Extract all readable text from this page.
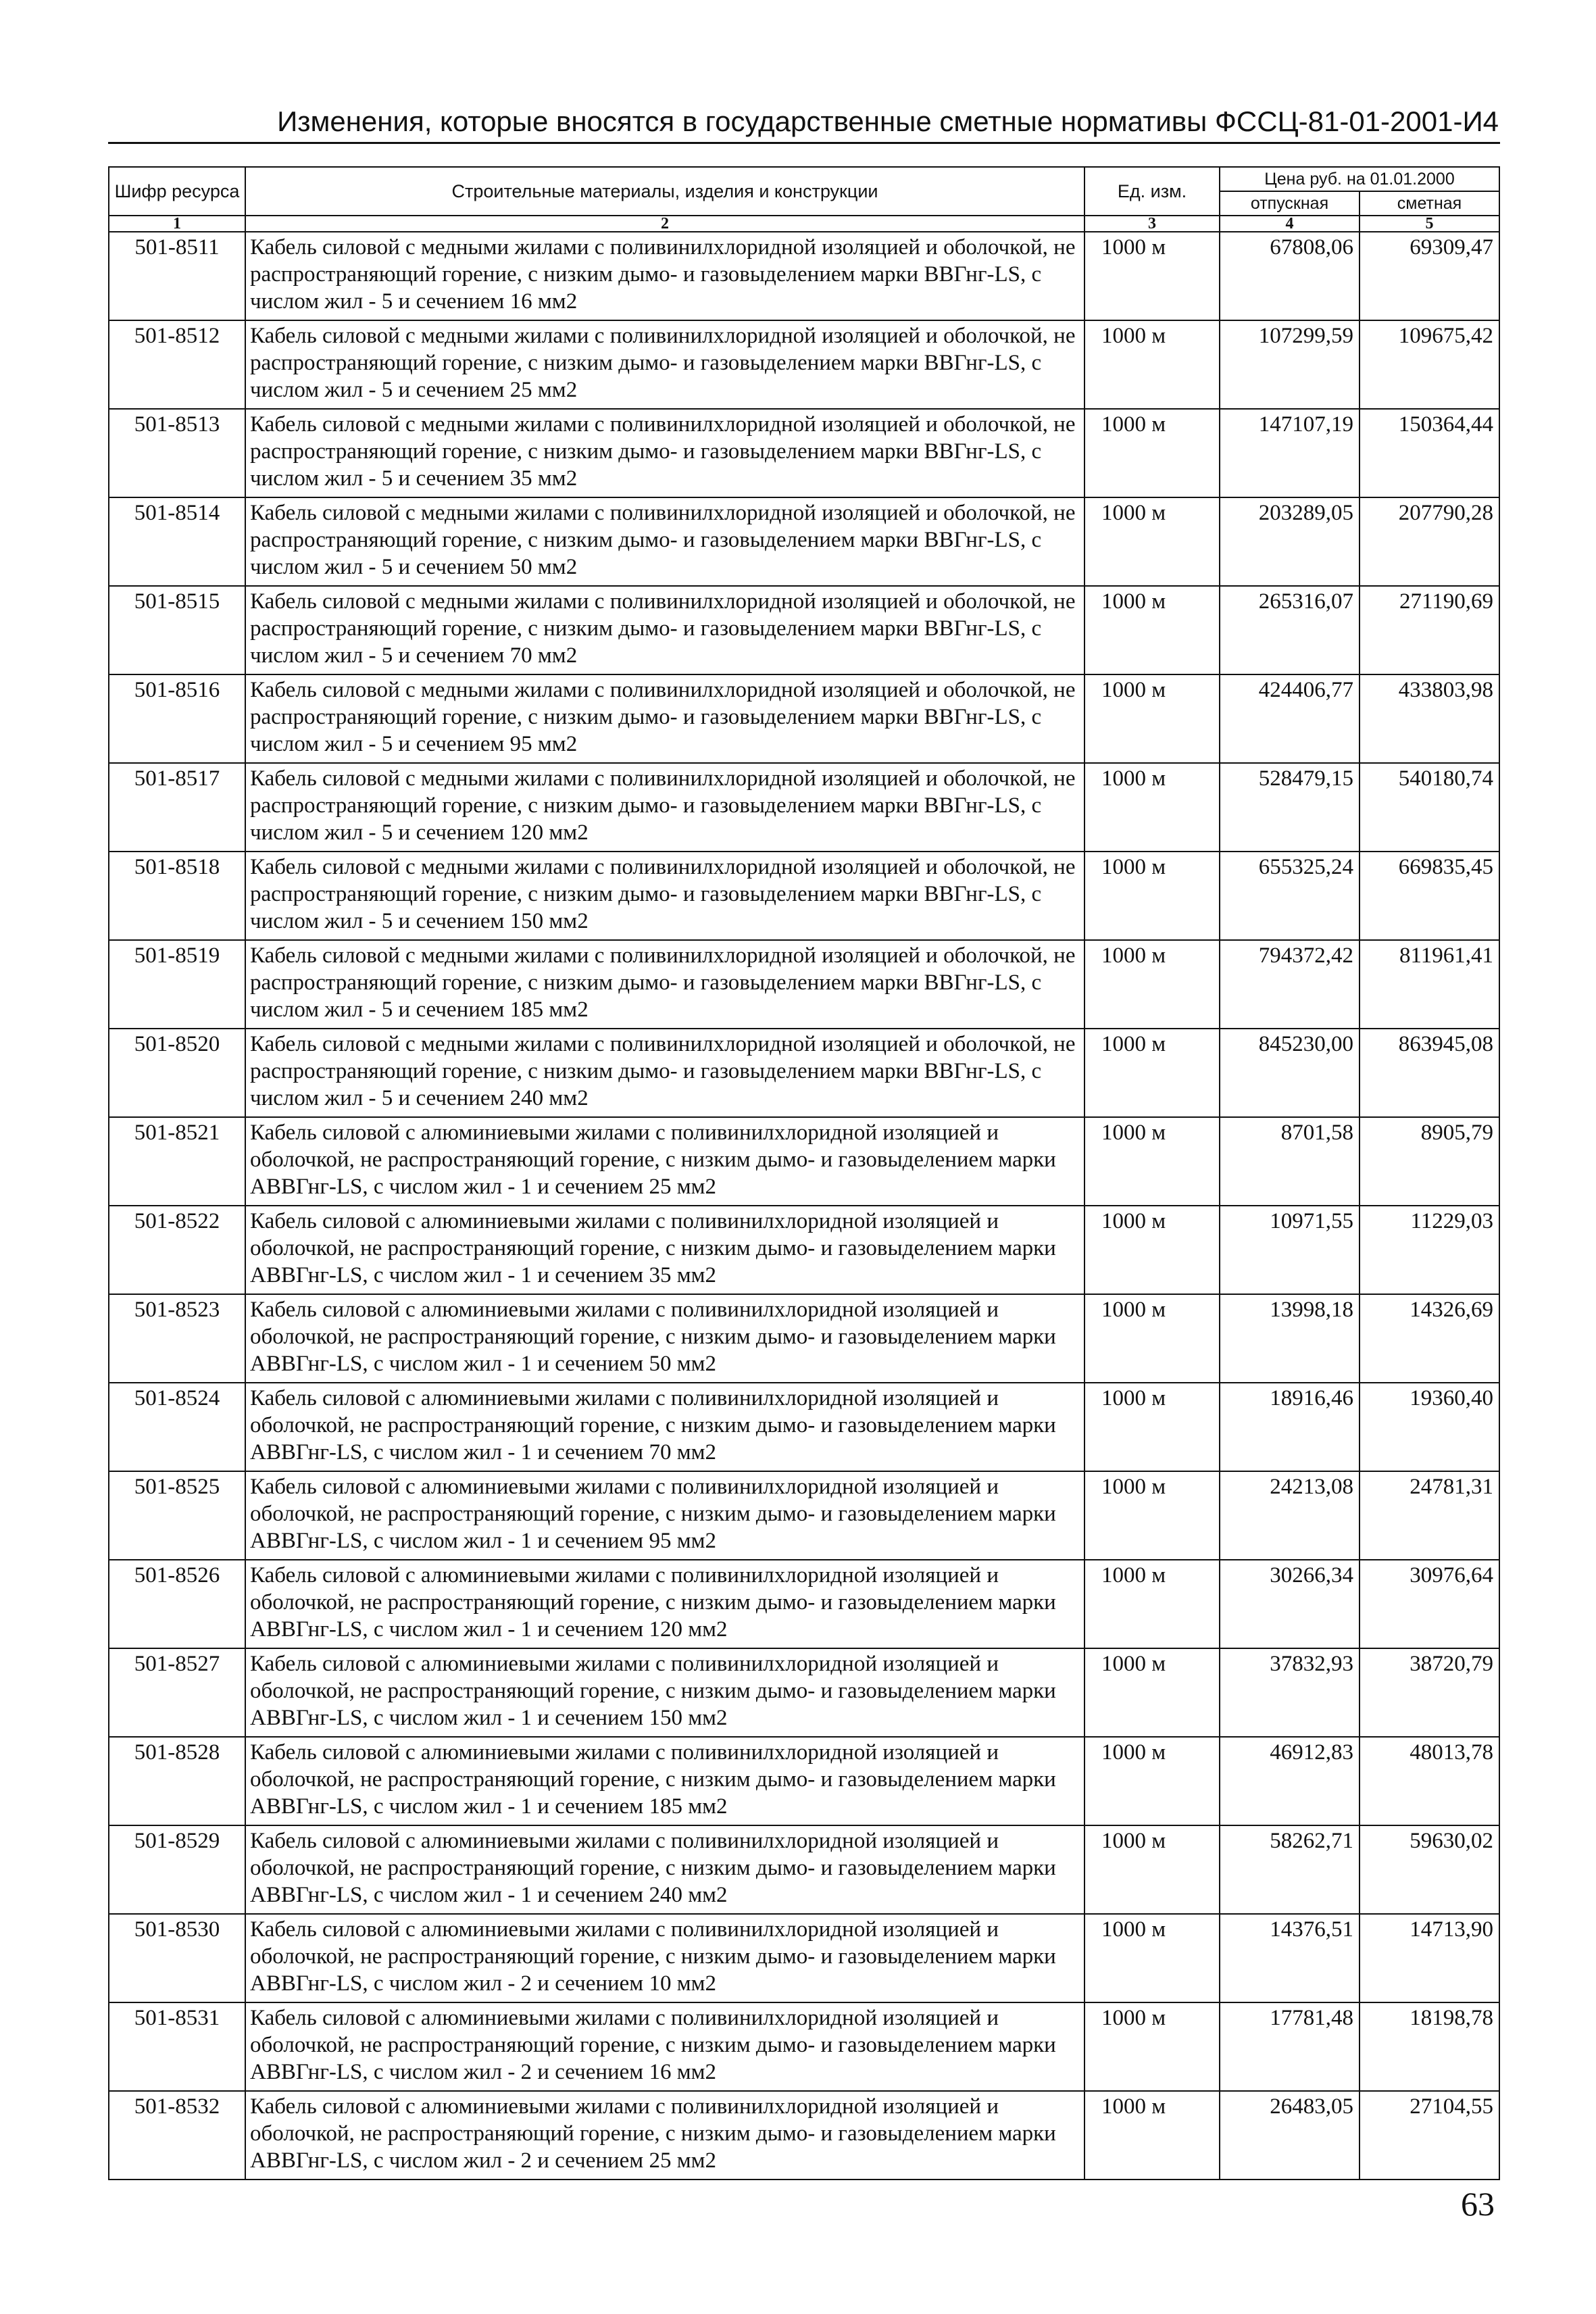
Изменения, которые вносятся в государственные сметные нормативы ФССЦ-81-01-2001-И4
Шифр ресурса	Строительные материалы, изделия и конструкции	Ед. изм.	Цена руб. на 01.01.2000	
			отпускная	сметная
1	2	3	4	5
501-8511	Кабель силовой с медными жилами с поливинилхлоридной изоляцией и оболочкой, не распространяющий горение, с низким дымо- и газовыделением марки ВВГнг-LS, с числом жил - 5 и сечением 16 мм2	1000 м	67808,06	69309,47
501-8512	Кабель силовой с медными жилами с поливинилхлоридной изоляцией и оболочкой, не распространяющий горение, с низким дымо- и газовыделением марки ВВГнг-LS, с числом жил - 5 и сечением 25 мм2	1000 м	107299,59	109675,42
501-8513	Кабель силовой с медными жилами с поливинилхлоридной изоляцией и оболочкой, не распространяющий горение, с низким дымо- и газовыделением марки ВВГнг-LS, с числом жил - 5 и сечением 35 мм2	1000 м	147107,19	150364,44
501-8514	Кабель силовой с медными жилами с поливинилхлоридной изоляцией и оболочкой, не распространяющий горение, с низким дымо- и газовыделением марки ВВГнг-LS, с числом жил - 5 и сечением 50 мм2	1000 м	203289,05	207790,28
501-8515	Кабель силовой с медными жилами с поливинилхлоридной изоляцией и оболочкой, не распространяющий горение, с низким дымо- и газовыделением марки ВВГнг-LS, с числом жил - 5 и сечением 70 мм2	1000 м	265316,07	271190,69
501-8516	Кабель силовой с медными жилами с поливинилхлоридной изоляцией и оболочкой, не распространяющий горение, с низким дымо- и газовыделением марки ВВГнг-LS, с числом жил - 5 и сечением 95 мм2	1000 м	424406,77	433803,98
501-8517	Кабель силовой с медными жилами с поливинилхлоридной изоляцией и оболочкой, не распространяющий горение, с низким дымо- и газовыделением марки ВВГнг-LS, с числом жил - 5 и сечением 120 мм2	1000 м	528479,15	540180,74
501-8518	Кабель силовой с медными жилами с поливинилхлоридной изоляцией и оболочкой, не распространяющий горение, с низким дымо- и газовыделением марки ВВГнг-LS, с числом жил - 5 и сечением 150 мм2	1000 м	655325,24	669835,45
501-8519	Кабель силовой с медными жилами с поливинилхлоридной изоляцией и оболочкой, не распространяющий горение, с низким дымо- и газовыделением марки ВВГнг-LS, с числом жил - 5 и сечением 185 мм2	1000 м	794372,42	811961,41
501-8520	Кабель силовой с медными жилами с поливинилхлоридной изоляцией и оболочкой, не распространяющий горение, с низким дымо- и газовыделением марки ВВГнг-LS, с числом жил - 5 и сечением 240 мм2	1000 м	845230,00	863945,08
501-8521	Кабель силовой с алюминиевыми жилами с поливинилхлоридной изоляцией и оболочкой, не распространяющий горение, с низким дымо- и газовыделением марки АВВГнг-LS, с числом жил - 1 и сечением 25 мм2	1000 м	8701,58	8905,79
501-8522	Кабель силовой с алюминиевыми жилами с поливинилхлоридной изоляцией и оболочкой, не распространяющий горение, с низким дымо- и газовыделением марки АВВГнг-LS, с числом жил - 1 и сечением 35 мм2	1000 м	10971,55	11229,03
501-8523	Кабель силовой с алюминиевыми жилами с поливинилхлоридной изоляцией и оболочкой, не распространяющий горение, с низким дымо- и газовыделением марки АВВГнг-LS, с числом жил - 1 и сечением 50 мм2	1000 м	13998,18	14326,69
501-8524	Кабель силовой с алюминиевыми жилами с поливинилхлоридной изоляцией и оболочкой, не распространяющий горение, с низким дымо- и газовыделением марки АВВГнг-LS, с числом жил - 1 и сечением 70 мм2	1000 м	18916,46	19360,40
501-8525	Кабель силовой с алюминиевыми жилами с поливинилхлоридной изоляцией и оболочкой, не распространяющий горение, с низким дымо- и газовыделением марки АВВГнг-LS, с числом жил - 1 и сечением 95 мм2	1000 м	24213,08	24781,31
501-8526	Кабель силовой с алюминиевыми жилами с поливинилхлоридной изоляцией и оболочкой, не распространяющий горение, с низким дымо- и газовыделением марки АВВГнг-LS, с числом жил - 1 и сечением 120 мм2	1000 м	30266,34	30976,64
501-8527	Кабель силовой с алюминиевыми жилами с поливинилхлоридной изоляцией и оболочкой, не распространяющий горение, с низким дымо- и газовыделением марки АВВГнг-LS, с числом жил - 1 и сечением 150 мм2	1000 м	37832,93	38720,79
501-8528	Кабель силовой с алюминиевыми жилами с поливинилхлоридной изоляцией и оболочкой, не распространяющий горение, с низким дымо- и газовыделением марки АВВГнг-LS, с числом жил - 1 и сечением 185 мм2	1000 м	46912,83	48013,78
501-8529	Кабель силовой с алюминиевыми жилами с поливинилхлоридной изоляцией и оболочкой, не распространяющий горение, с низким дымо- и газовыделением марки АВВГнг-LS, с числом жил - 1 и сечением 240 мм2	1000 м	58262,71	59630,02
501-8530	Кабель силовой с алюминиевыми жилами с поливинилхлоридной изоляцией и оболочкой, не распространяющий горение, с низким дымо- и газовыделением марки АВВГнг-LS, с числом жил - 2 и сечением 10 мм2	1000 м	14376,51	14713,90
501-8531	Кабель силовой с алюминиевыми жилами с поливинилхлоридной изоляцией и оболочкой, не распространяющий горение, с низким дымо- и газовыделением марки АВВГнг-LS, с числом жил - 2 и сечением 16 мм2	1000 м	17781,48	18198,78
501-8532	Кабель силовой с алюминиевыми жилами с поливинилхлоридной изоляцией и оболочкой, не распространяющий горение, с низким дымо- и газовыделением марки АВВГнг-LS, с числом жил - 2 и сечением 25 мм2	1000 м	26483,05	27104,55
63
